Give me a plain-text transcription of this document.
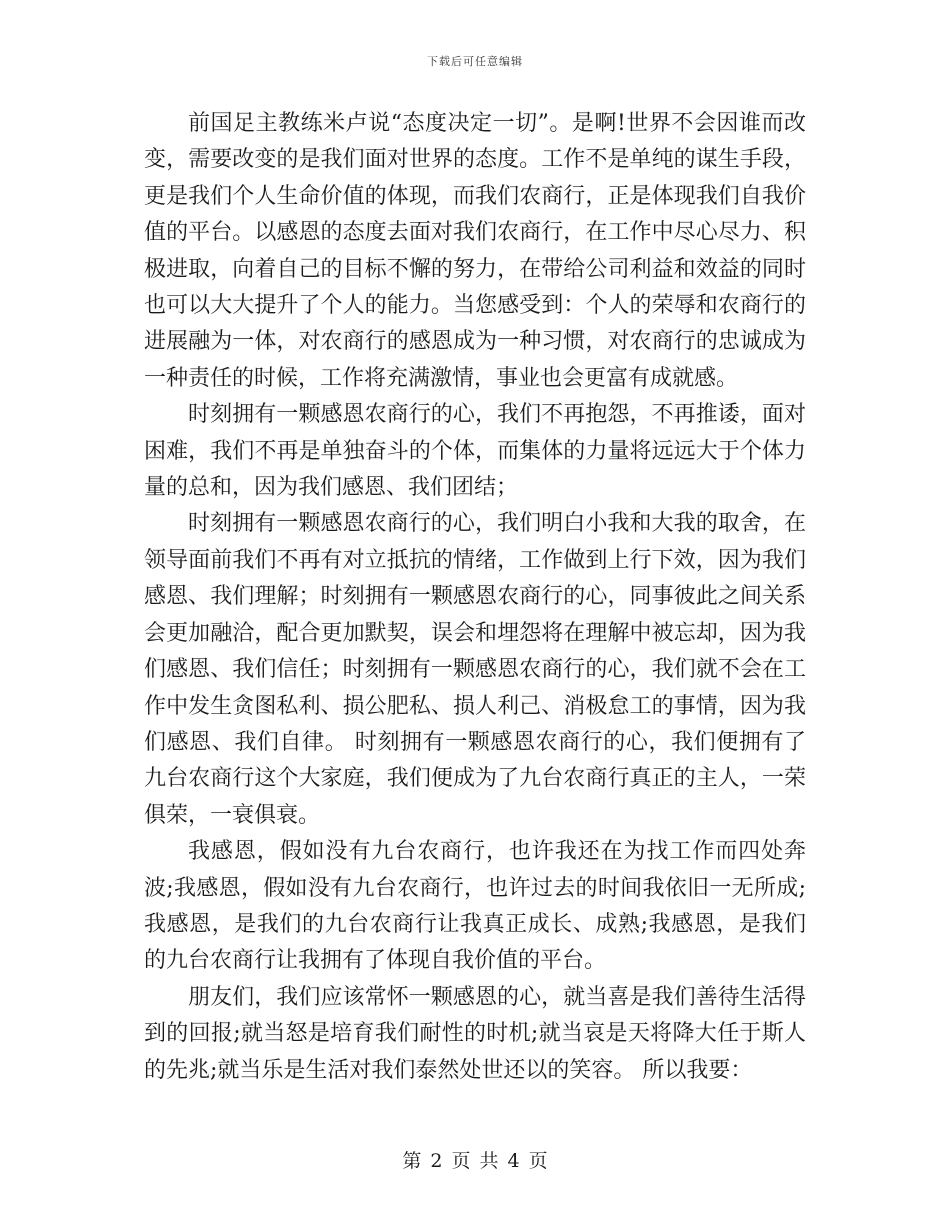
下载后可任意编辑

前国足主教练米卢说“态度决定一切”。是啊!世界不会因谁而改变，需要改变的是我们面对世界的态度。工作不是单纯的谋生手段，更是我们个人生命价值的体现，而我们农商行，正是体现我们自我价值的平台。以感恩的态度去面对我们农商行，在工作中尽心尽力、积极进取，向着自己的目标不懈的努力，在带给公司利益和效益的同时也可以大大提升了个人的能力。当您感受到：个人的荣辱和农商行的进展融为一体，对农商行的感恩成为一种习惯，对农商行的忠诚成为一种责任的时候，工作将充满激情，事业也会更富有成就感。

时刻拥有一颗感恩农商行的心，我们不再抱怨，不再推诿，面对困难，我们不再是单独奋斗的个体，而集体的力量将远远大于个体力量的总和，因为我们感恩、我们团结；

时刻拥有一颗感恩农商行的心，我们明白小我和大我的取舍，在领导面前我们不再有对立抵抗的情绪，工作做到上行下效，因为我们感恩、我们理解；时刻拥有一颗感恩农商行的心，同事彼此之间关系会更加融洽，配合更加默契，误会和埋怨将在理解中被忘却，因为我们感恩、我们信任；时刻拥有一颗感恩农商行的心，我们就不会在工作中发生贪图私利、损公肥私、损人利己、消极怠工的事情，因为我们感恩、我们自律。 时刻拥有一颗感恩农商行的心，我们便拥有了九台农商行这个大家庭，我们便成为了九台农商行真正的主人，一荣俱荣，一衰俱衰。

我感恩，假如没有九台农商行，也许我还在为找工作而四处奔波;我感恩，假如没有九台农商行，也许过去的时间我依旧一无所成;我感恩，是我们的九台农商行让我真正成长、成熟;我感恩，是我们的九台农商行让我拥有了体现自我价值的平台。

朋友们，我们应该常怀一颗感恩的心，就当喜是我们善待生活得到的回报;就当怒是培育我们耐性的时机;就当哀是天将降大任于斯人的先兆;就当乐是生活对我们泰然处世还以的笑容。 所以我要：

第 2 页 共 4 页
